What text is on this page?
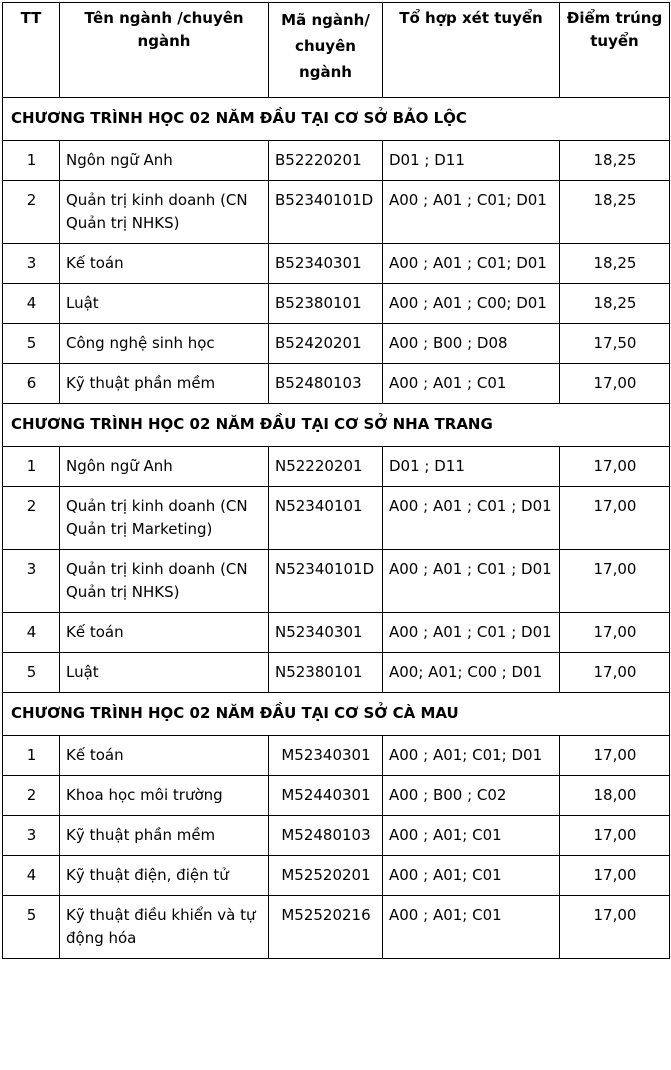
TT	Tên ngành /chuyên ngành	Mã ngành/
chuyên
ngành	Tổ hợp xét tuyển	Điểm trúng tuyển
CHƯƠNG TRÌNH HỌC 02 NĂM ĐẦU TẠI CƠ SỞ BẢO LỘC				
1	Ngôn ngữ Anh	B52220201	D01 ; D11	18,25
2	Quản trị kinh doanh (CN Quản trị NHKS)	B52340101D	A00 ; A01 ; C01; D01	18,25
3	Kế toán	B52340301	A00 ; A01 ; C01; D01	18,25
4	Luật	B52380101	A00 ; A01 ; C00; D01	18,25
5	Công nghệ sinh học	B52420201	A00 ; B00 ; D08	17,50
6	Kỹ thuật phần mềm	B52480103	A00 ; A01 ; C01	17,00
CHƯƠNG TRÌNH HỌC 02 NĂM ĐẦU TẠI CƠ SỞ NHA TRANG				
1	Ngôn ngữ Anh	N52220201	D01 ; D11	17,00
2	Quản trị kinh doanh (CN Quản trị Marketing)	N52340101	A00 ; A01 ; C01 ; D01	17,00
3	Quản trị kinh doanh (CN Quản trị NHKS)	N52340101D	A00 ; A01 ; C01 ; D01	17,00
4	Kế toán	N52340301	A00 ; A01 ; C01 ; D01	17,00
5	Luật	N52380101	A00; A01; C00 ; D01	17,00
CHƯƠNG TRÌNH HỌC 02 NĂM ĐẦU TẠI CƠ SỞ CÀ MAU				
1	Kế toán	M52340301	A00 ; A01; C01; D01	17,00
2	Khoa học môi trường	M52440301	A00 ; B00 ; C02	18,00
3	Kỹ thuật phần mềm	M52480103	A00 ; A01; C01	17,00
4	Kỹ thuật điện, điện tử	M52520201	A00 ; A01; C01	17,00
5	Kỹ thuật điều khiển và tự động hóa	M52520216	A00 ; A01; C01	17,00
